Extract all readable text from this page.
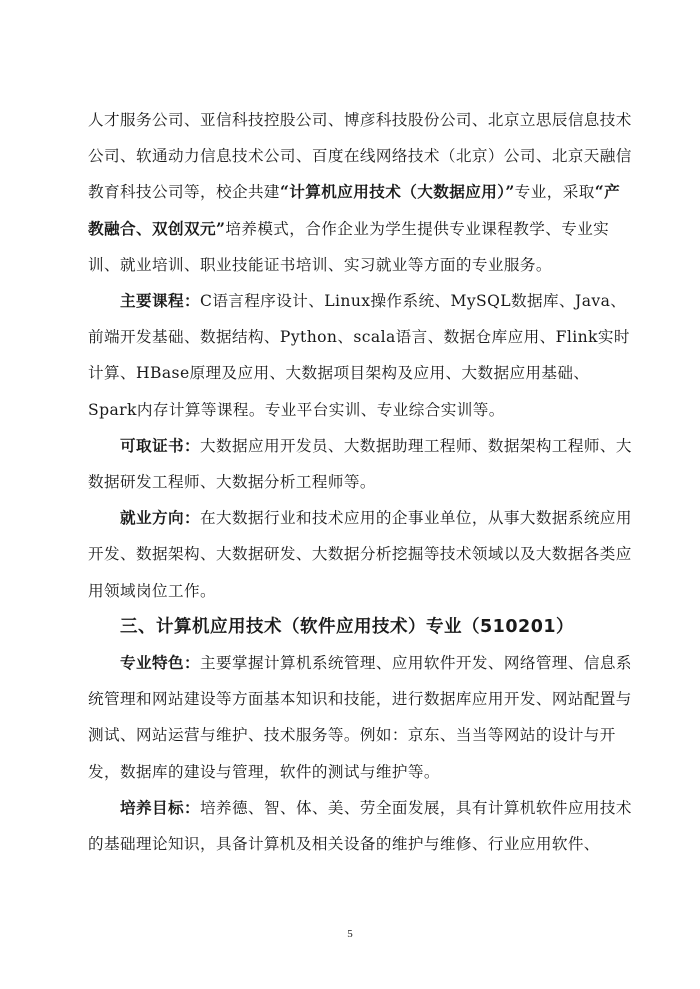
人才服务公司、亚信科技控股公司、博彦科技股份公司、北京立思辰信息技术公司、软通动力信息技术公司、百度在线网络技术（北京）公司、北京天融信教育科技公司等，校企共建“计算机应用技术（大数据应用）”专业，采取“产教融合、双创双元”培养模式，合作企业为学生提供专业课程教学、专业实训、就业培训、职业技能证书培训、实习就业等方面的专业服务。

主要课程：C语言程序设计、Linux操作系统、MySQL数据库、Java、前端开发基础、数据结构、Python、scala语言、数据仓库应用、Flink实时计算、HBase原理及应用、大数据项目架构及应用、大数据应用基础、Spark内存计算等课程。专业平台实训、专业综合实训等。

可取证书：大数据应用开发员、大数据助理工程师、数据架构工程师、大数据研发工程师、大数据分析工程师等。

就业方向：在大数据行业和技术应用的企事业单位，从事大数据系统应用开发、数据架构、大数据研发、大数据分析挖掘等技术领域以及大数据各类应用领域岗位工作。

三、计算机应用技术（软件应用技术）专业（510201）

专业特色：主要掌握计算机系统管理、应用软件开发、网络管理、信息系统管理和网站建设等方面基本知识和技能，进行数据库应用开发、网站配置与测试、网站运营与维护、技术服务等。例如：京东、当当等网站的设计与开发，数据库的建设与管理，软件的测试与维护等。

培养目标：培养德、智、体、美、劳全面发展，具有计算机软件应用技术的基础理论知识，具备计算机及相关设备的维护与维修、行业应用软件、

5
